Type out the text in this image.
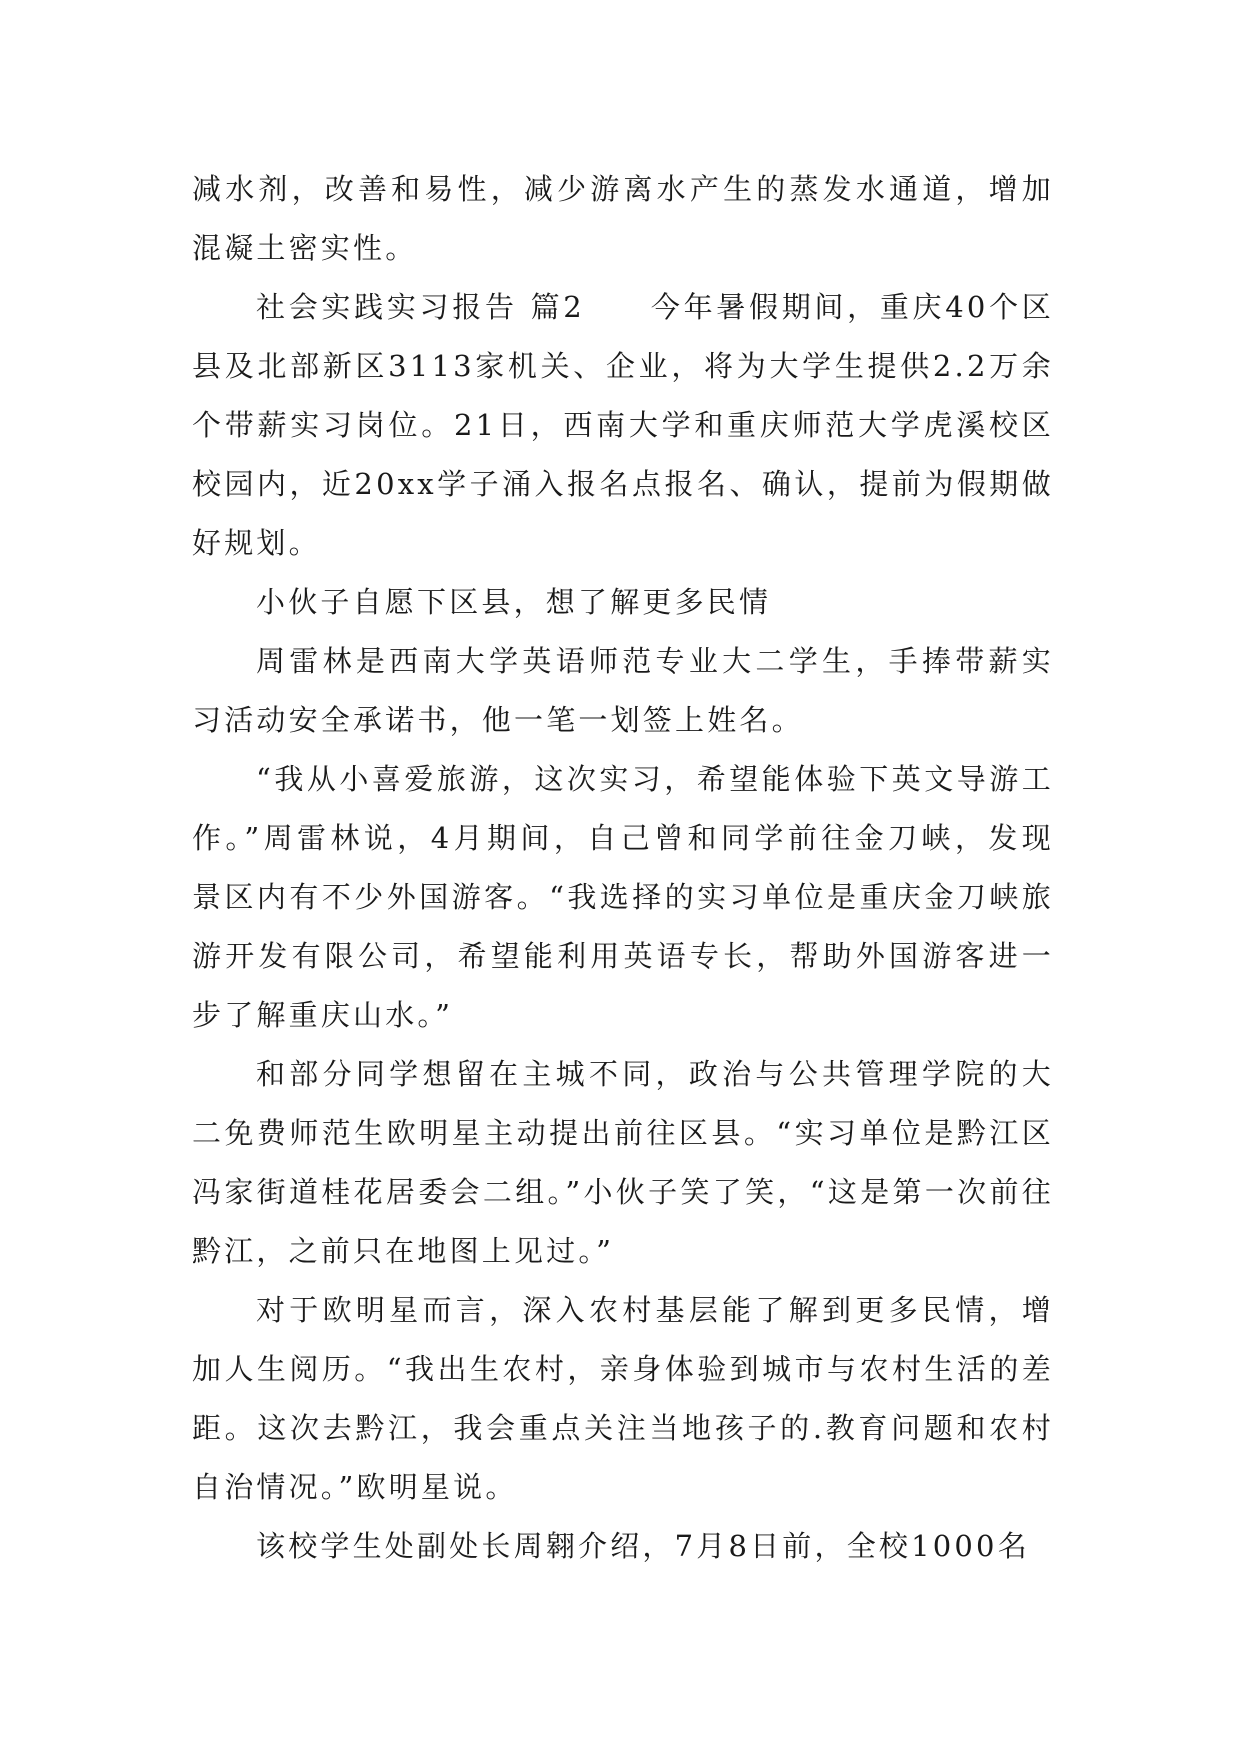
减水剂，改善和易性，减少游离水产生的蒸发水通道，增加混凝土密实性。

社会实践实习报告 篇2　　今年暑假期间，重庆40个区县及北部新区3113家机关、企业，将为大学生提供2.2万余个带薪实习岗位。21日，西南大学和重庆师范大学虎溪校区校园内，近20xx学子涌入报名点报名、确认，提前为假期做好规划。

小伙子自愿下区县，想了解更多民情

周雷林是西南大学英语师范专业大二学生，手捧带薪实习活动安全承诺书，他一笔一划签上姓名。

“我从小喜爱旅游，这次实习，希望能体验下英文导游工作。”周雷林说，4月期间，自己曾和同学前往金刀峡，发现景区内有不少外国游客。“我选择的实习单位是重庆金刀峡旅游开发有限公司，希望能利用英语专长，帮助外国游客进一步了解重庆山水。”

和部分同学想留在主城不同，政治与公共管理学院的大二免费师范生欧明星主动提出前往区县。“实习单位是黔江区冯家街道桂花居委会二组。”小伙子笑了笑，“这是第一次前往黔江，之前只在地图上见过。”

对于欧明星而言，深入农村基层能了解到更多民情，增加人生阅历。“我出生农村，亲身体验到城市与农村生活的差距。这次去黔江，我会重点关注当地孩子的.教育问题和农村自治情况。”欧明星说。

该校学生处副处长周翱介绍，7月8日前，全校1000名
